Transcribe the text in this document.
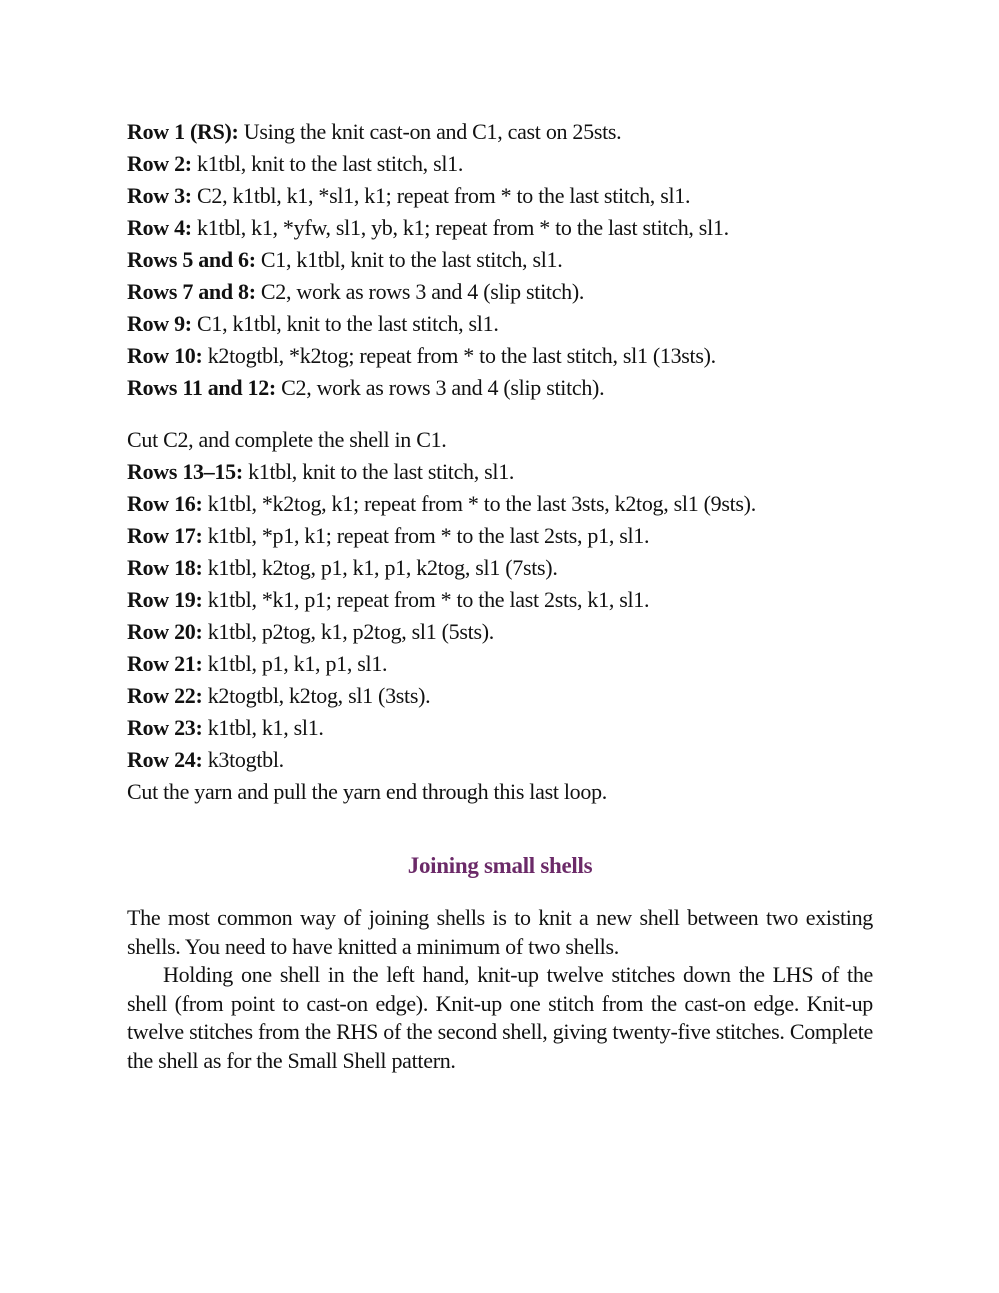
Row 1 (RS): Using the knit cast-on and C1, cast on 25sts.
Row 2: k1tbl, knit to the last stitch, sl1.
Row 3: C2, k1tbl, k1, *sl1, k1; repeat from * to the last stitch, sl1.
Row 4: k1tbl, k1, *yfw, sl1, yb, k1; repeat from * to the last stitch, sl1.
Rows 5 and 6: C1, k1tbl, knit to the last stitch, sl1.
Rows 7 and 8: C2, work as rows 3 and 4 (slip stitch).
Row 9: C1, k1tbl, knit to the last stitch, sl1.
Row 10: k2togtbl, *k2tog; repeat from * to the last stitch, sl1 (13sts).
Rows 11 and 12: C2, work as rows 3 and 4 (slip stitch).
Cut C2, and complete the shell in C1.
Rows 13–15: k1tbl, knit to the last stitch, sl1.
Row 16: k1tbl, *k2tog, k1; repeat from * to the last 3sts, k2tog, sl1 (9sts).
Row 17: k1tbl, *p1, k1; repeat from * to the last 2sts, p1, sl1.
Row 18: k1tbl, k2tog, p1, k1, p1, k2tog, sl1 (7sts).
Row 19: k1tbl, *k1, p1; repeat from * to the last 2sts, k1, sl1.
Row 20: k1tbl, p2tog, k1, p2tog, sl1 (5sts).
Row 21: k1tbl, p1, k1, p1, sl1.
Row 22: k2togtbl, k2tog, sl1 (3sts).
Row 23: k1tbl, k1, sl1.
Row 24: k3togtbl.
Cut the yarn and pull the yarn end through this last loop.
Joining small shells

The most common way of joining shells is to knit a new shell between two existing shells. You need to have knitted a minimum of two shells.

Holding one shell in the left hand, knit-up twelve stitches down the LHS of the shell (from point to cast-on edge). Knit-up one stitch from the cast-on edge. Knit-up twelve stitches from the RHS of the second shell, giving twenty-five stitches. Complete the shell as for the Small Shell pattern.
